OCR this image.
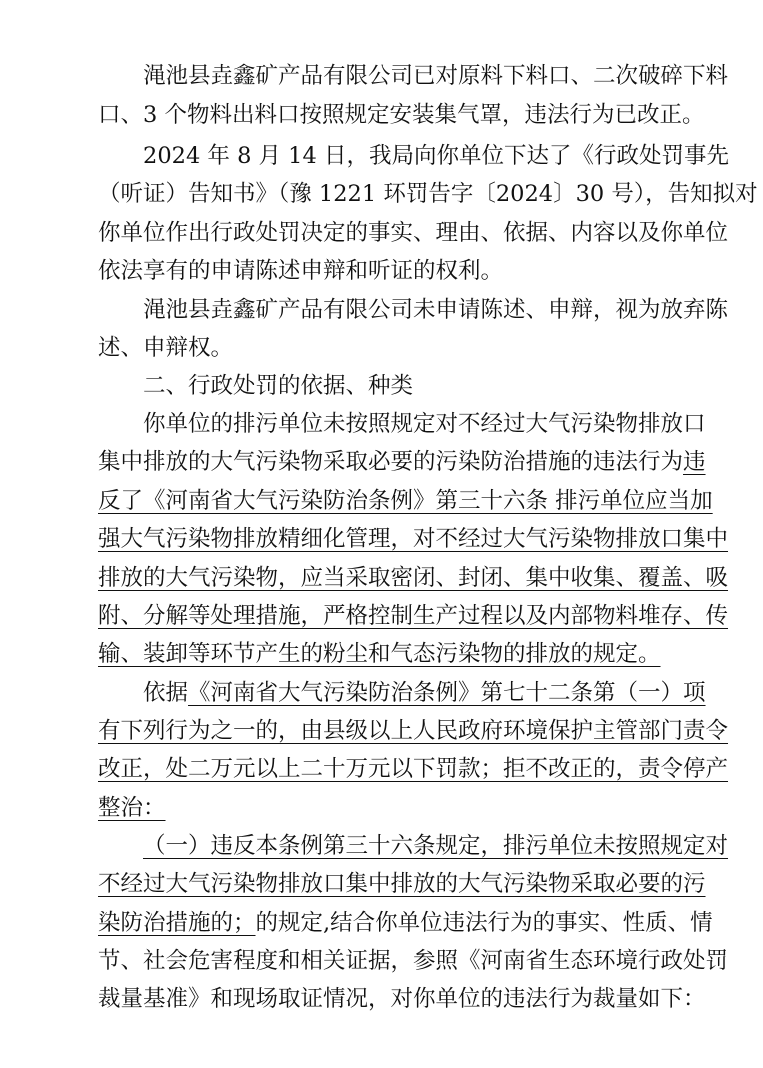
渑池县垚鑫矿产品有限公司已对原料下料口、二次破碎下料
口、3 个物料出料口按照规定安装集气罩，违法行为已改正。
2024 年 8 月 14 日，我局向你单位下达了《行政处罚事先
（听证）告知书》（豫 1221 环罚告字〔2024〕30 号），告知拟对
你单位作出行政处罚决定的事实、理由、依据、内容以及你单位
依法享有的申请陈述申辩和听证的权利。
渑池县垚鑫矿产品有限公司未申请陈述、申辩，视为放弃陈
述、申辩权。
二、行政处罚的依据、种类
你单位的排污单位未按照规定对不经过大气污染物排放口
集中排放的大气污染物采取必要的污染防治措施的违法行为违
反了《河南省大气污染防治条例》第三十六条 排污单位应当加
强大气污染物排放精细化管理，对不经过大气污染物排放口集中
排放的大气污染物，应当采取密闭、封闭、集中收集、覆盖、吸
附、分解等处理措施，严格控制生产过程以及内部物料堆存、传
输、装卸等环节产生的粉尘和气态污染物的排放的规定。
依据《河南省大气污染防治条例》第七十二条第（一）项
有下列行为之一的，由县级以上人民政府环境保护主管部门责令
改正，处二万元以上二十万元以下罚款；拒不改正的，责令停产
整治：
（一）违反本条例第三十六条规定，排污单位未按照规定对
不经过大气污染物排放口集中排放的大气污染物采取必要的污
染防治措施的；的规定,结合你单位违法行为的事实、性质、情
节、社会危害程度和相关证据，参照《河南省生态环境行政处罚
裁量基准》和现场取证情况，对你单位的违法行为裁量如下：
